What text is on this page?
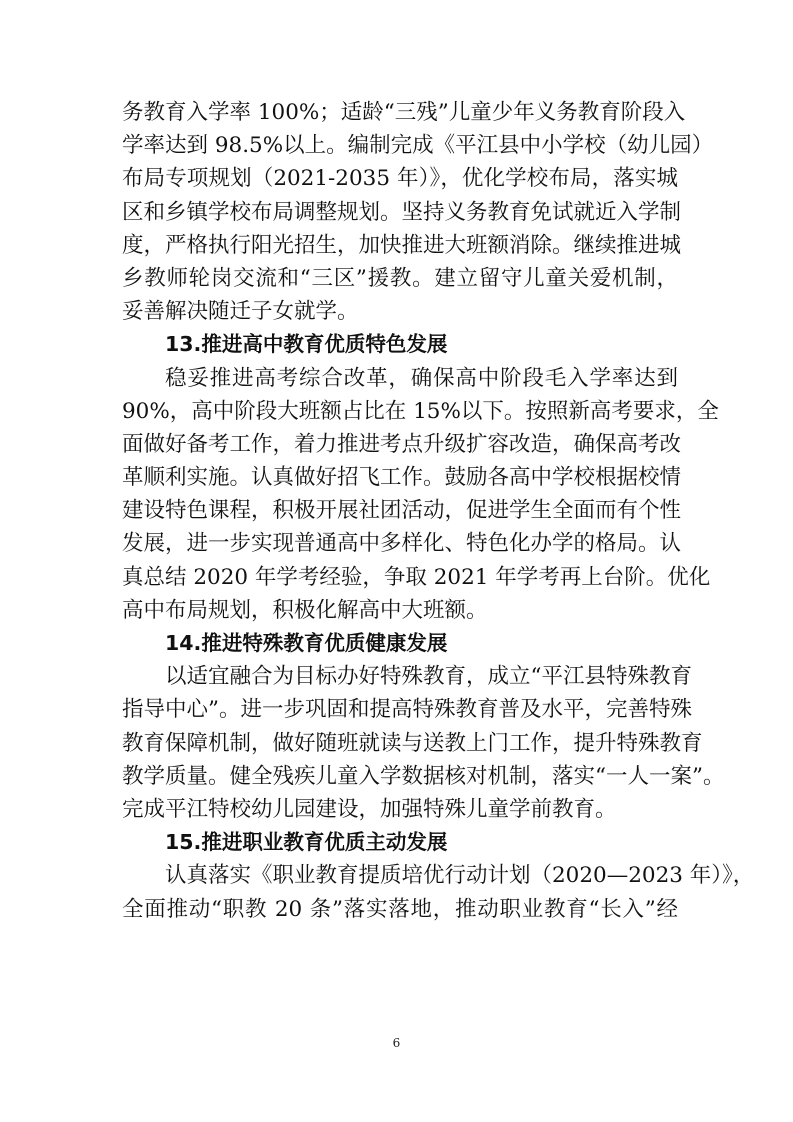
务教育入学率 100%；适龄“三残”儿童少年义务教育阶段入
学率达到 98.5%以上。编制完成《平江县中小学校（幼儿园）
布局专项规划（2021-2035 年）》，优化学校布局，落实城
区和乡镇学校布局调整规划。坚持义务教育免试就近入学制
度，严格执行阳光招生，加快推进大班额消除。继续推进城
乡教师轮岗交流和“三区”援教。建立留守儿童关爱机制，
妥善解决随迁子女就学。
13.推进高中教育优质特色发展
稳妥推进高考综合改革，确保高中阶段毛入学率达到
90%，高中阶段大班额占比在 15%以下。按照新高考要求，全
面做好备考工作，着力推进考点升级扩容改造，确保高考改
革顺利实施。认真做好招飞工作。鼓励各高中学校根据校情
建设特色课程，积极开展社团活动，促进学生全面而有个性
发展，进一步实现普通高中多样化、特色化办学的格局。认
真总结 2020 年学考经验，争取 2021 年学考再上台阶。优化
高中布局规划，积极化解高中大班额。
14.推进特殊教育优质健康发展
以适宜融合为目标办好特殊教育，成立“平江县特殊教育
指导中心”。进一步巩固和提高特殊教育普及水平，完善特殊
教育保障机制，做好随班就读与送教上门工作，提升特殊教育
教学质量。健全残疾儿童入学数据核对机制，落实“一人一案”。
完成平江特校幼儿园建设，加强特殊儿童学前教育。
15.推进职业教育优质主动发展
认真落实《职业教育提质培优行动计划（2020—2023 年）》，
全面推动“职教 20 条”落实落地，推动职业教育“长入”经
6
